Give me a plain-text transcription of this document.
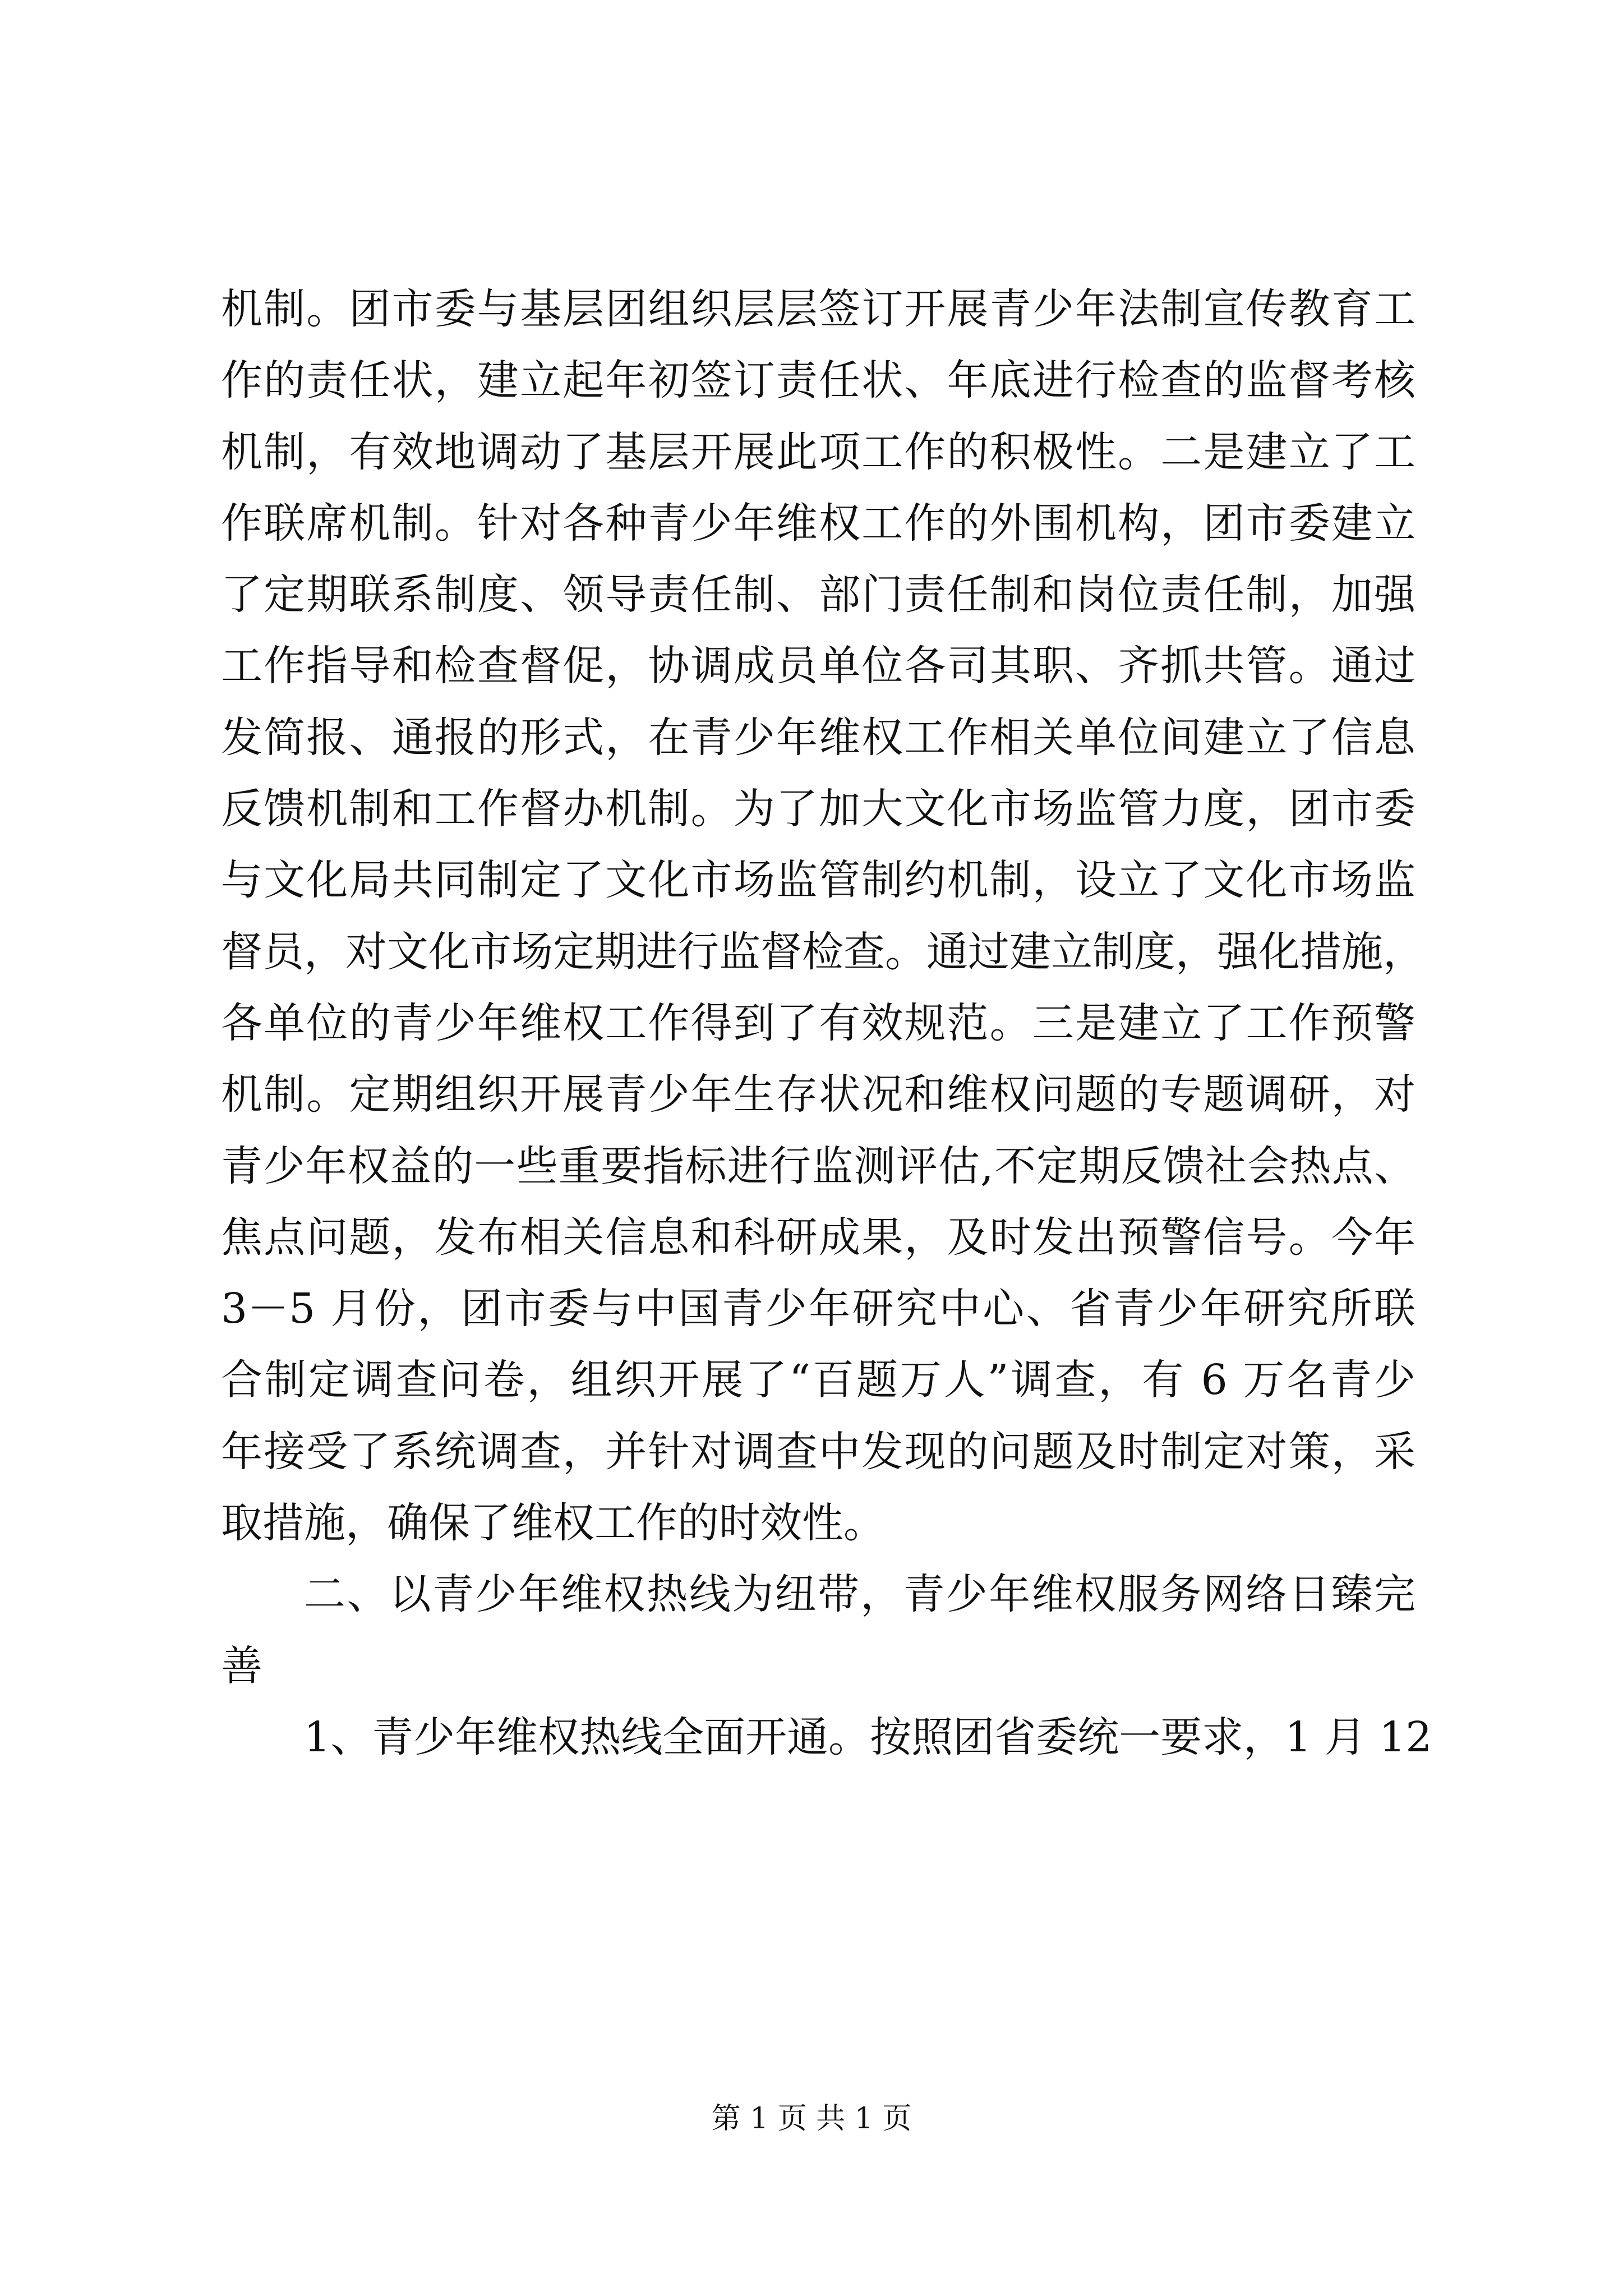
机制。团市委与基层团组织层层签订开展青少年法制宣传教育工
作的责任状，建立起年初签订责任状、年底进行检查的监督考核
机制，有效地调动了基层开展此项工作的积极性。二是建立了工
作联席机制。针对各种青少年维权工作的外围机构，团市委建立
了定期联系制度、领导责任制、部门责任制和岗位责任制，加强
工作指导和检查督促，协调成员单位各司其职、齐抓共管。通过
发简报、通报的形式，在青少年维权工作相关单位间建立了信息
反馈机制和工作督办机制。为了加大文化市场监管力度，团市委
与文化局共同制定了文化市场监管制约机制，设立了文化市场监
督员，对文化市场定期进行监督检查。通过建立制度，强化措施，
各单位的青少年维权工作得到了有效规范。三是建立了工作预警
机制。定期组织开展青少年生存状况和维权问题的专题调研，对
青少年权益的一些重要指标进行监测评估,不定期反馈社会热点、
焦点问题，发布相关信息和科研成果，及时发出预警信号。今年
3－5 月份，团市委与中国青少年研究中心、省青少年研究所联
合制定调查问卷，组织开展了“百题万人”调查，有 6 万名青少
年接受了系统调查，并针对调查中发现的问题及时制定对策，采
取措施，确保了维权工作的时效性。
二、以青少年维权热线为纽带，青少年维权服务网络日臻完
善
1、青少年维权热线全面开通。按照团省委统一要求，1 月 12
第 1 页 共 1 页
